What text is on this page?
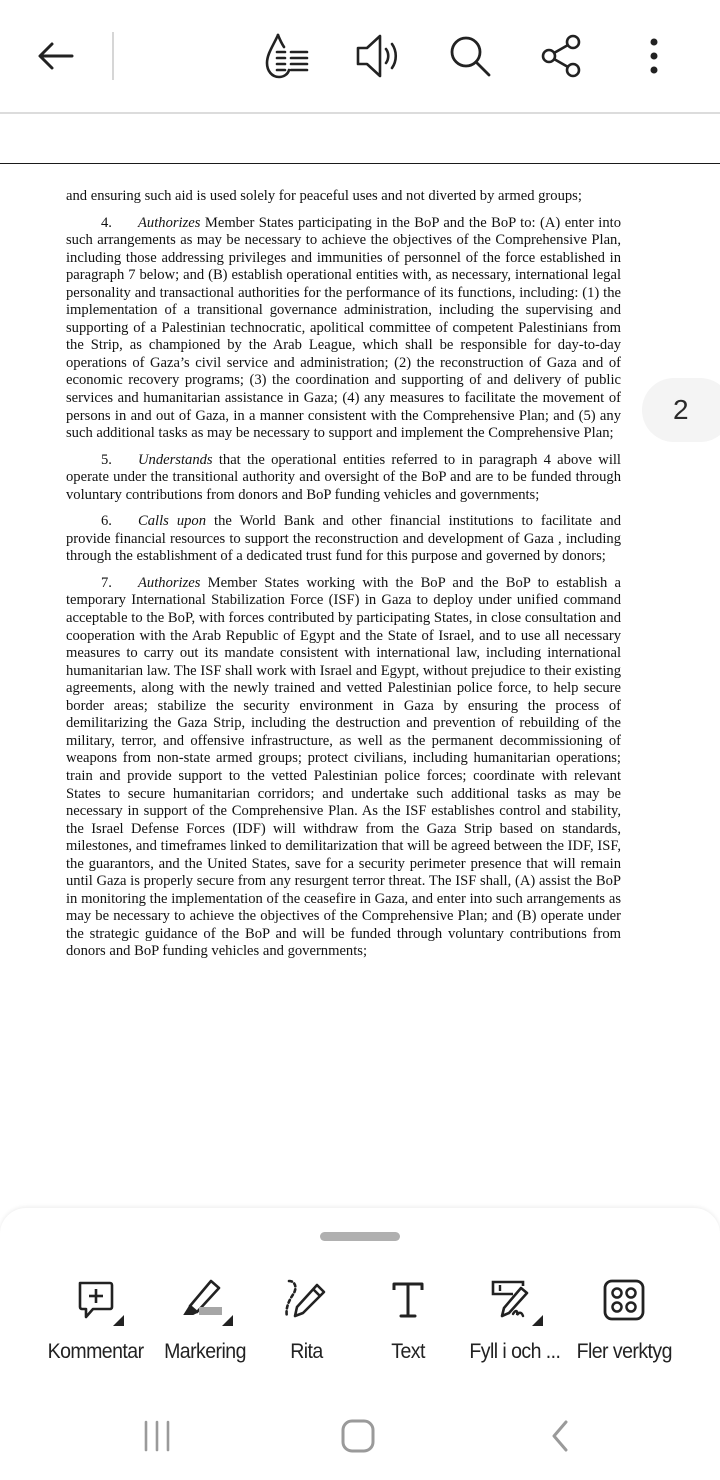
and ensuring such aid is used solely for peaceful uses and not diverted by armed groups;

4. Authorizes Member States participating in the BoP and the BoP to: (A) enter into such arrangements as may be necessary to achieve the objectives of the Comprehensive Plan, including those addressing privileges and immunities of personnel of the force established in paragraph 7 below; and (B) establish operational entities with, as necessary, international legal personality and transactional authorities for the performance of its functions, including: (1) the implementation of a transitional governance administration, including the supervising and supporting of a Palestinian technocratic, apolitical committee of competent Palestinians from the Strip, as championed by the Arab League, which shall be responsible for day-to-day operations of Gaza’s civil service and administration; (2) the reconstruction of Gaza and of economic recovery programs; (3) the coordination and supporting of and delivery of public services and humanitarian assistance in Gaza; (4) any measures to facilitate the movement of persons in and out of Gaza, in a manner consistent with the Comprehensive Plan; and (5) any such additional tasks as may be necessary to support and implement the Comprehensive Plan;

5. Understands that the operational entities referred to in paragraph 4 above will operate under the transitional authority and oversight of the BoP and are to be funded through voluntary contributions from donors and BoP funding vehicles and governments;

6. Calls upon the World Bank and other financial institutions to facilitate and provide financial resources to support the reconstruction and development of Gaza , including through the establishment of a dedicated trust fund for this purpose and governed by donors;

7. Authorizes Member States working with the BoP and the BoP to establish a temporary International Stabilization Force (ISF) in Gaza to deploy under unified command acceptable to the BoP, with forces contributed by participating States, in close consultation and cooperation with the Arab Republic of Egypt and the State of Israel, and to use all necessary measures to carry out its mandate consistent with international law, including international humanitarian law. The ISF shall work with Israel and Egypt, without prejudice to their existing agreements, along with the newly trained and vetted Palestinian police force, to help secure border areas; stabilize the security environment in Gaza by ensuring the process of demilitarizing the Gaza Strip, including the destruction and prevention of rebuilding of the military, terror, and offensive infrastructure, as well as the permanent decommissioning of weapons from non-state armed groups; protect civilians, including humanitarian operations; train and provide support to the vetted Palestinian police forces; coordinate with relevant States to secure humanitarian corridors; and undertake such additional tasks as may be necessary in support of the Comprehensive Plan. As the ISF establishes control and stability, the Israel Defense Forces (IDF) will withdraw from the Gaza Strip based on standards, milestones, and timeframes linked to demilitarization that will be agreed between the IDF, ISF, the guarantors, and the United States, save for a security perimeter presence that will remain until Gaza is properly secure from any resurgent terror threat. The ISF shall, (A) assist the BoP in monitoring the implementation of the ceasefire in Gaza, and enter into such arrangements as may be necessary to achieve the objectives of the Comprehensive Plan; and (B) operate under the strategic guidance of the BoP and will be funded through voluntary contributions from donors and BoP funding vehicles and governments;

2
Kommentar Markering Rita	Text Fyll i och ... Fler verktyg
